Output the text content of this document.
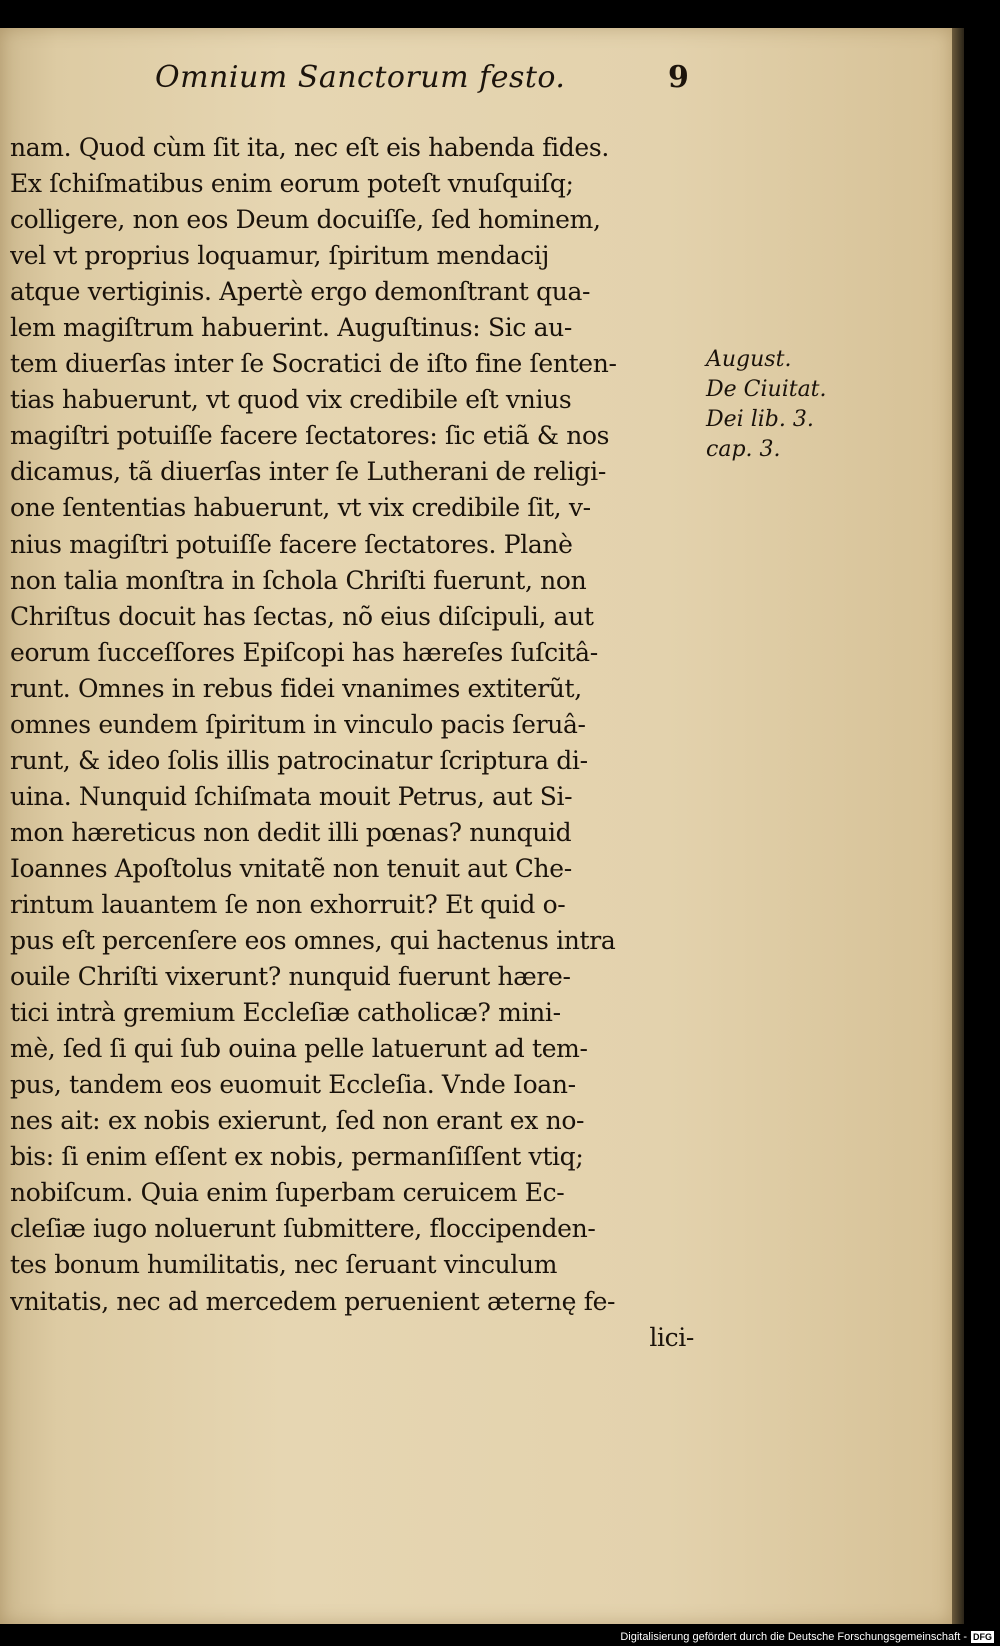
Omnium Sanctorum festo.	9
nam. Quod cùm ſit ita, nec eſt eis habenda fides.
Ex ſchiſmatibus enim eorum poteſt vnuſquiſq;
colligere, non eos Deum docuiſſe, ſed hominem,
vel vt proprius loquamur, ſpiritum mendacij
atque vertiginis. Apertè ergo demonſtrant qua-
lem magiſtrum habuerint. Auguſtinus: Sic au-
tem diuerſas inter ſe Socratici de iſto fine ſenten-
tias habuerunt, vt quod vix credibile eſt vnius
magiſtri potuiſſe facere ſectatores: ſic etiã & nos
dicamus, tã diuerſas inter ſe Lutherani de religi-
one ſententias habuerunt, vt vix credibile ſit, v-
nius magiſtri potuiſſe facere ſectatores. Planè
non talia monſtra in ſchola Chriſti fuerunt, non
Chriſtus docuit has ſectas, nõ eius diſcipuli, aut
eorum ſucceſſores Epiſcopi has hæreſes ſuſcitâ-
runt. Omnes in rebus fidei vnanimes extiterũt,
omnes eundem ſpiritum in vinculo pacis ſeruâ-
runt, & ideo ſolis illis patrocinatur ſcriptura di-
uina. Nunquid ſchiſmata mouit Petrus, aut Si-
mon hæreticus non dedit illi pœnas? nunquid
Ioannes Apoſtolus vnitatẽ non tenuit aut Che-
rintum lauantem ſe non exhorruit? Et quid o-
pus eſt percenſere eos omnes, qui hactenus intra
ouile Chriſti vixerunt? nunquid fuerunt hære-
tici intrà gremium Eccleſiæ catholicæ? mini-
mè, ſed ſi qui ſub ouina pelle latuerunt ad tem-
pus, tandem eos euomuit Eccleſia. Vnde Ioan-
nes ait: ex nobis exierunt, ſed non erant ex no-
bis: ſi enim eſſent ex nobis, permanſiſſent vtiq;
nobiſcum. Quia enim ſuperbam ceruicem Ec-
cleſiæ iugo noluerunt ſubmittere, floccipenden-
tes bonum humilitatis, nec ſeruant vinculum
vnitatis, nec ad mercedem peruenient æternę fe-
lici-
August.
De Ciuitat.
Dei lib. 3.
cap. 3.
Digitalisierung gefördert durch die Deutsche Forschungsgemeinschaft - DFG
